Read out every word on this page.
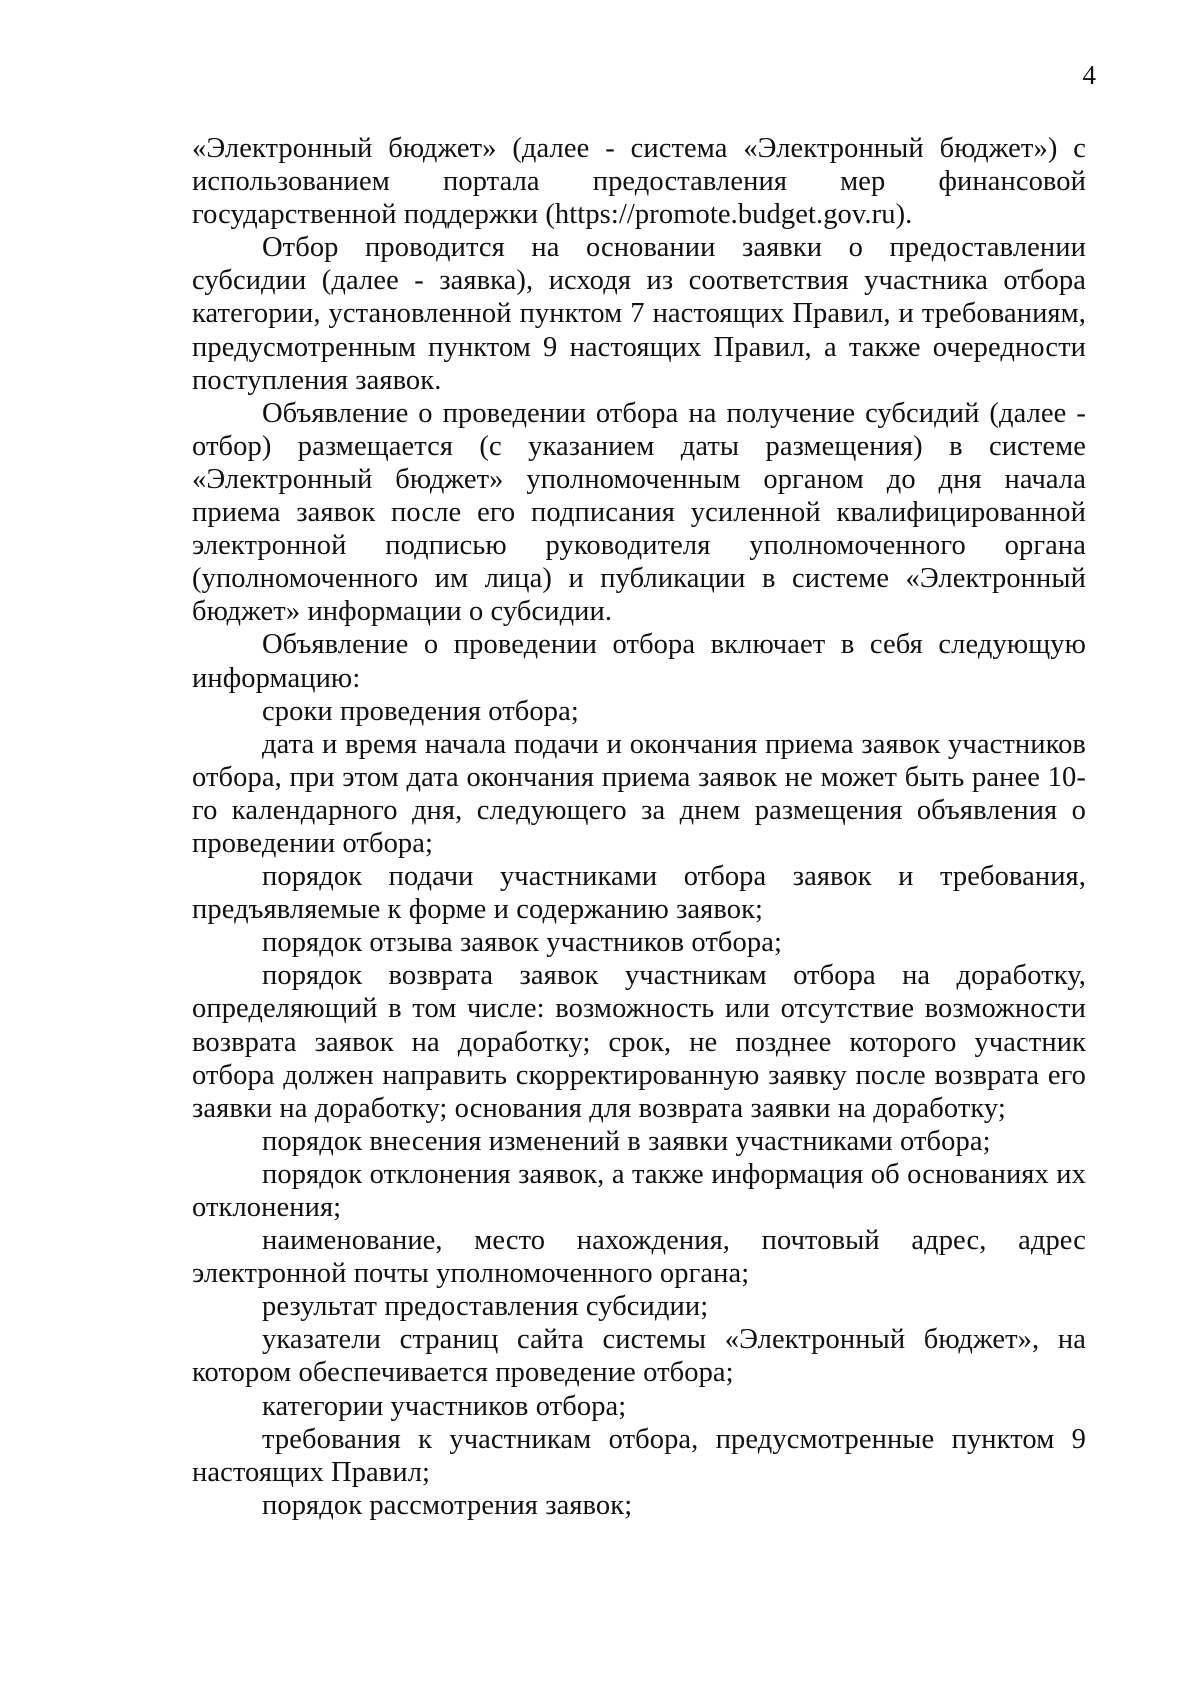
4

«Электронный бюджет» (далее - система «Электронный бюджет») с использованием портала предоставления мер финансовой государственной поддержки (https://promote.budget.gov.ru).

Отбор проводится на основании заявки о предоставлении субсидии (далее - заявка), исходя из соответствия участника отбора категории, установленной пунктом 7 настоящих Правил, и требованиям, предусмотренным пунктом 9 настоящих Правил, а также очередности поступления заявок.

Объявление о проведении отбора на получение субсидий (далее - отбор) размещается (с указанием даты размещения) в системе «Электронный бюджет» уполномоченным органом до дня начала приема заявок после его подписания усиленной квалифицированной электронной подписью руководителя уполномоченного органа (уполномоченного им лица) и публикации в системе «Электронный бюджет» информации о субсидии.

Объявление о проведении отбора включает в себя следующую информацию:

сроки проведения отбора;

дата и время начала подачи и окончания приема заявок участников отбора, при этом дата окончания приема заявок не может быть ранее 10-го календарного дня, следующего за днем размещения объявления о проведении отбора;

порядок подачи участниками отбора заявок и требования, предъявляемые к форме и содержанию заявок;

порядок отзыва заявок участников отбора;

порядок возврата заявок участникам отбора на доработку, определяющий в том числе: возможность или отсутствие возможности возврата заявок на доработку; срок, не позднее которого участник отбора должен направить скорректированную заявку после возврата его заявки на доработку; основания для возврата заявки на доработку;

порядок внесения изменений в заявки участниками отбора;

порядок отклонения заявок, а также информация об основаниях их отклонения;

наименование, место нахождения, почтовый адрес, адрес электронной почты уполномоченного органа;

результат предоставления субсидии;

указатели страниц сайта системы «Электронный бюджет», на котором обеспечивается проведение отбора;

категории участников отбора;

требования к участникам отбора, предусмотренные пунктом 9 настоящих Правил;

порядок рассмотрения заявок;
